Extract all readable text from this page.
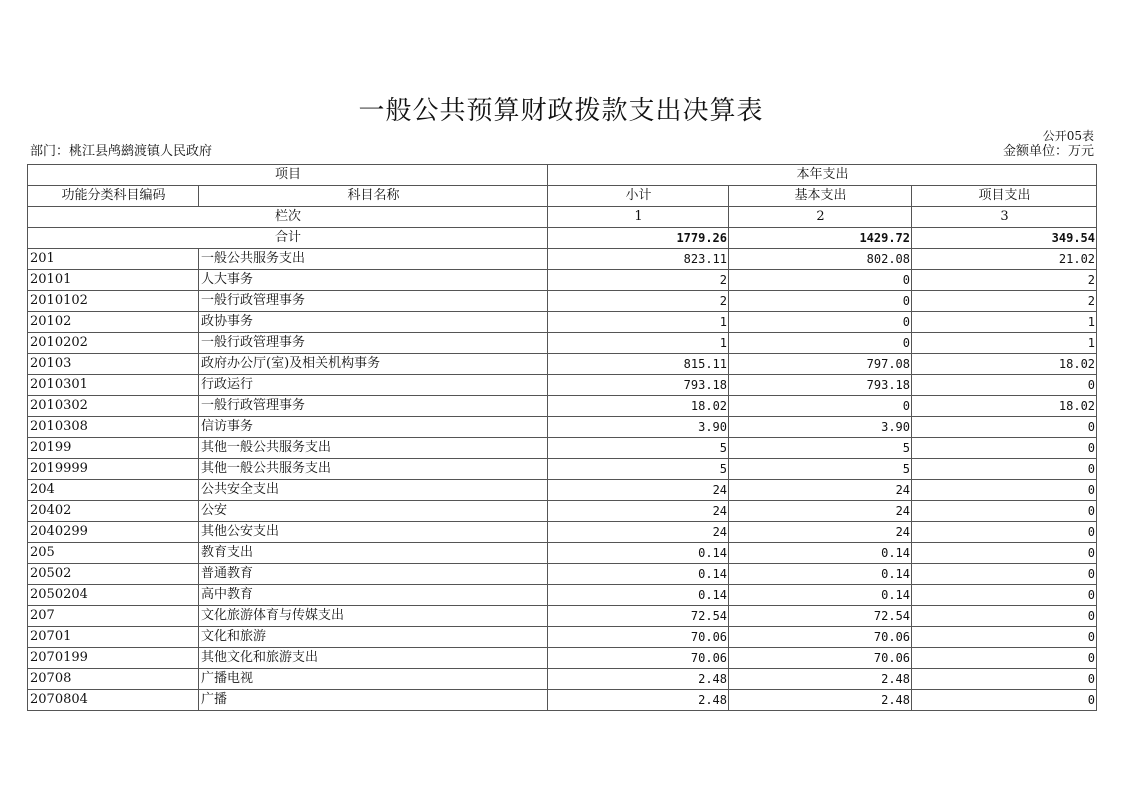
一般公共预算财政拨款支出决算表
公开05表
部门：桃江县鸬鹚渡镇人民政府	金额单位：万元
项目		本年支出		
功能分类科目编码	科目名称	小计	基本支出	项目支出
栏次		1	2	3
合计		1779.26	1429.72	349.54
201	一般公共服务支出	823.11	802.08	21.02
20101	人大事务	2	0	2
2010102	一般行政管理事务	2	0	2
20102	政协事务	1	0	1
2010202	一般行政管理事务	1	0	1
20103	政府办公厅(室)及相关机构事务	815.11	797.08	18.02
2010301	行政运行	793.18	793.18	0
2010302	一般行政管理事务	18.02	0	18.02
2010308	信访事务	3.90	3.90	0
20199	其他一般公共服务支出	5	5	0
2019999	其他一般公共服务支出	5	5	0
204	公共安全支出	24	24	0
20402	公安	24	24	0
2040299	其他公安支出	24	24	0
205	教育支出	0.14	0.14	0
20502	普通教育	0.14	0.14	0
2050204	高中教育	0.14	0.14	0
207	文化旅游体育与传媒支出	72.54	72.54	0
20701	文化和旅游	70.06	70.06	0
2070199	其他文化和旅游支出	70.06	70.06	0
20708	广播电视	2.48	2.48	0
2070804	广播	2.48	2.48	0
